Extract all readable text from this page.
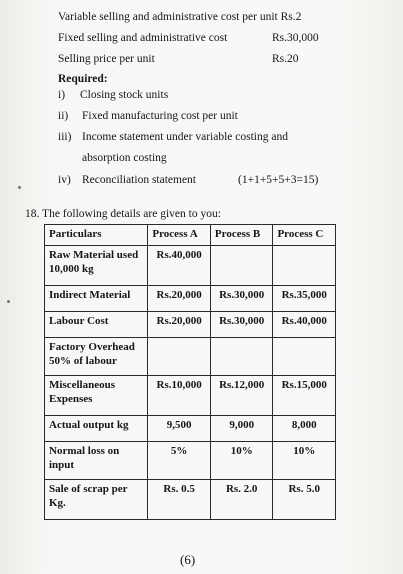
Variable selling and administrative cost per unit Rs.2
Fixed selling and administrative cost	Rs.30,000
Selling price per unit	Rs.20
Required:
i) Closing stock units
ii) Fixed manufacturing cost per unit
iii) Income statement under variable costing and
absorption costing
iv) Reconciliation statement	(1+1+5+5+3=15)
18. The following details are given to you:
Particulars	Process A	Process B	Process C
Raw Material used 10,000 kg	Rs.40,000		
Indirect Material	Rs.20,000	Rs.30,000	Rs.35,000
Labour Cost	Rs.20,000	Rs.30,000	Rs.40,000
Factory Overhead 50% of labour			
Miscellaneous Expenses	Rs.10,000	Rs.12,000	Rs.15,000
Actual output kg	9,500	9,000	8,000
Normal loss on input	5%	10%	10%
Sale of scrap per Kg.	Rs. 0.5	Rs. 2.0	Rs. 5.0
(6)
